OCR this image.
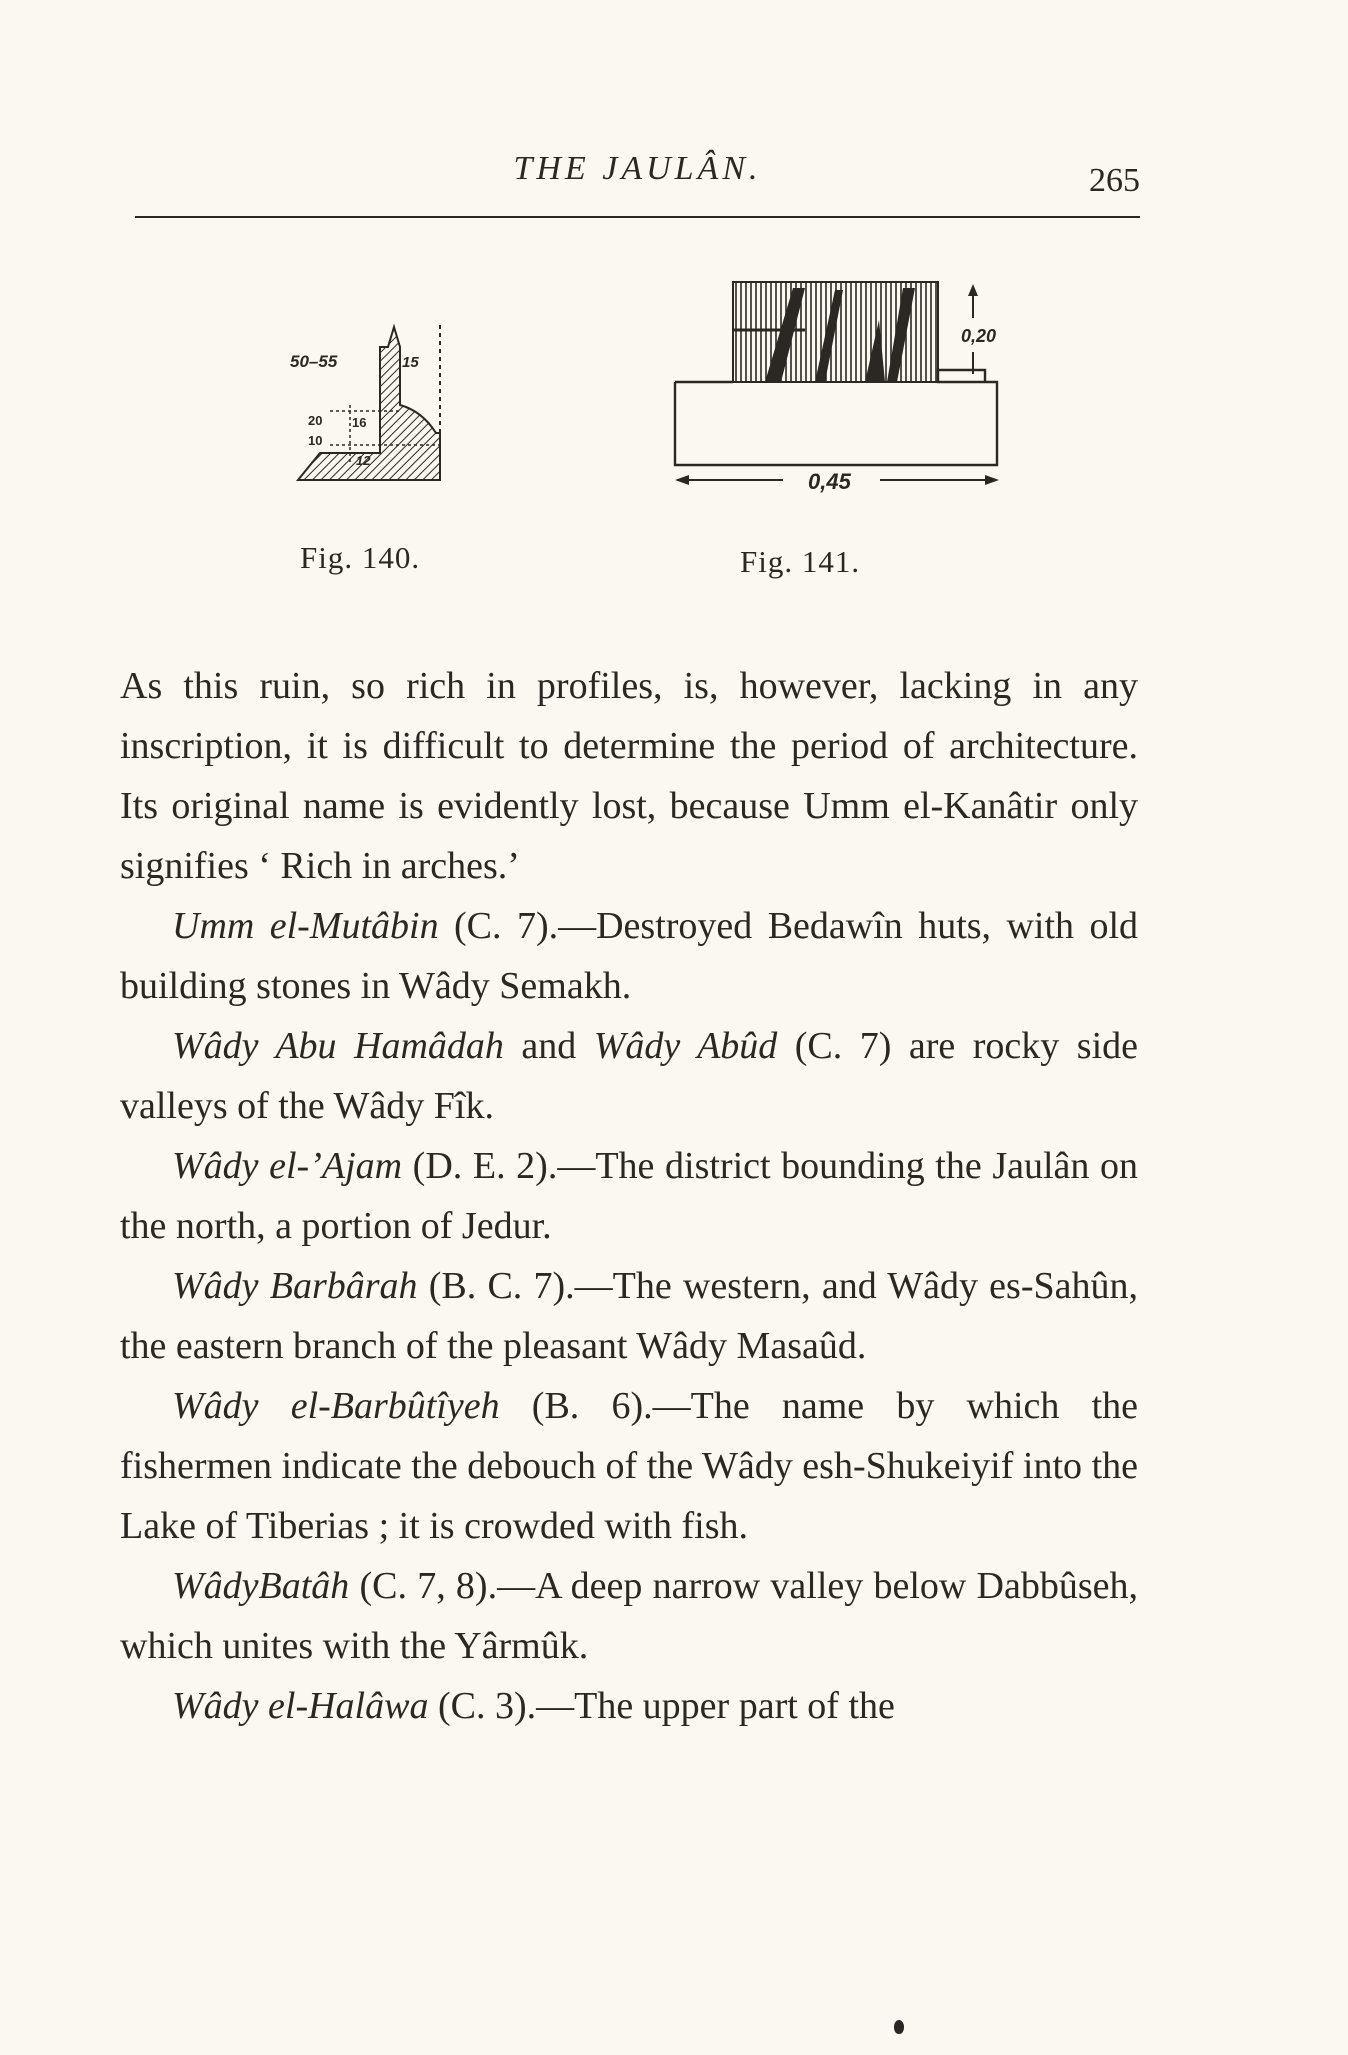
THE JAULÂN.	265
50–55	15
20 16
10
12
Fig. 140.
0,20
0,45
Fig. 141.

As this ruin, so rich in profiles, is, however, lacking in any inscription, it is difficult to determine the period of architecture. Its original name is evidently lost, because Umm el-Kanâtir only signifies ‘ Rich in arches.’

Umm el-Mutâbin (C. 7).—Destroyed Bedawîn huts, with old building stones in Wâdy Semakh.

Wâdy Abu Hamâdah and Wâdy Abûd (C. 7) are rocky side valleys of the Wâdy Fîk.

Wâdy el-’Ajam (D. E. 2).—The district bounding the Jaulân on the north, a portion of Jedur.

Wâdy Barbârah (B. C. 7).—The western, and Wâdy es-Sahûn, the eastern branch of the pleasant Wâdy Masaûd.

Wâdy el-Barbûtîyeh (B. 6).—The name by which the fishermen indicate the debouch of the Wâdy esh-Shukeiyif into the Lake of Tiberias ; it is crowded with fish.

WâdyBatâh (C. 7, 8).—A deep narrow valley below Dabbûseh, which unites with the Yârmûk.

Wâdy el-Halâwa (C. 3).—The upper part of the
